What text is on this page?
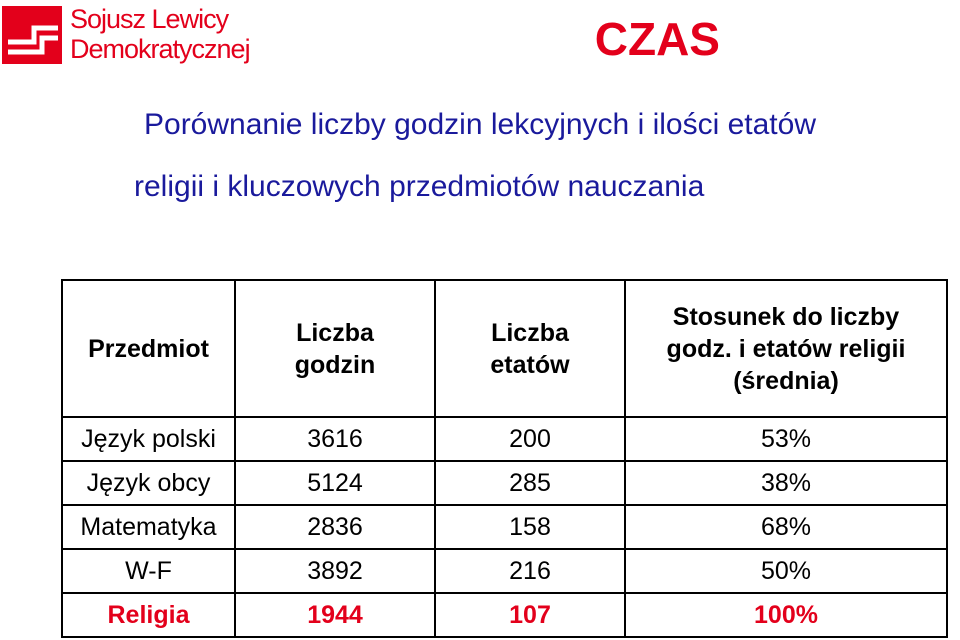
Sojusz Lewicy
Demokratycznej	CZAS
Porównanie liczby godzin lekcyjnych i ilości etatów
religii i kluczowych przedmiotów nauczania
Przedmiot	Liczba godzin	Liczba etatów	Stosunek do liczby godz. i etatów religii (średnia)
Język polski	3616	200	53%
Język obcy	5124	285	38%
Matematyka	2836	158	68%
W-F	3892	216	50%
Religia	1944	107	100%
